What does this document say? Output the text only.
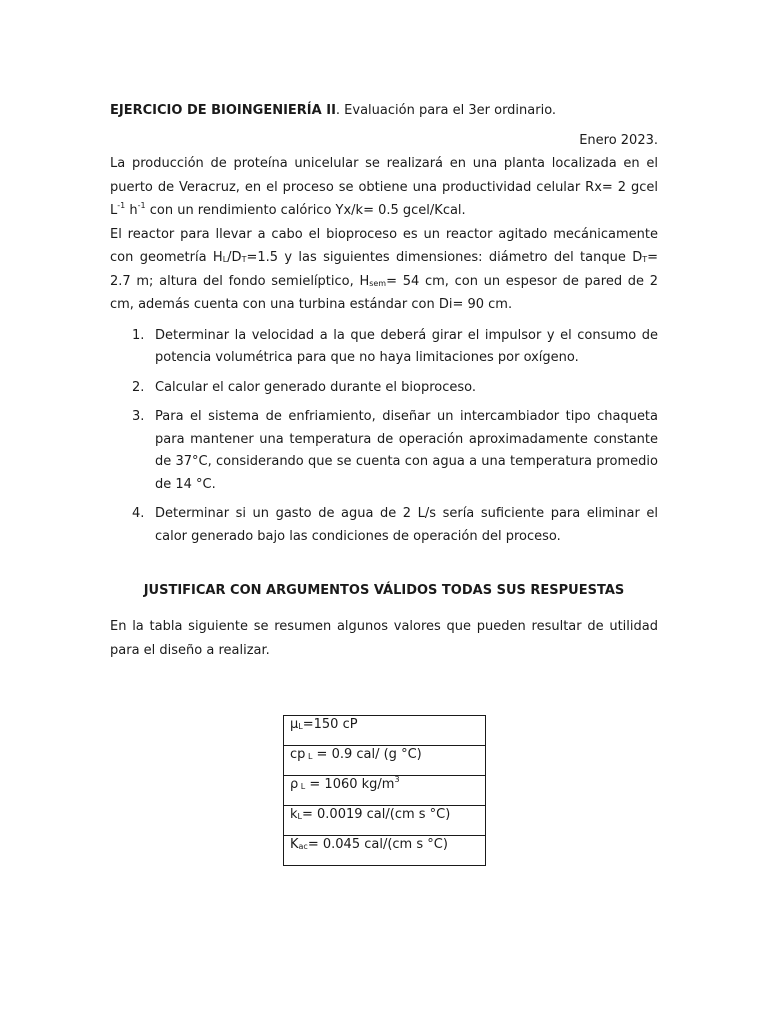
EJERCICIO DE BIOINGENIERÍA II. Evaluación para el 3er ordinario.

Enero 2023.

La producción de proteína unicelular se realizará en una planta localizada en el puerto de Veracruz, en el proceso se obtiene una productividad celular Rx= 2 gcel $L^{-1}$ $h^{-1}$ con un rendimiento calórico Yx/k= 0.5 gcel/Kcal.

El reactor para llevar a cabo el bioproceso es un reactor agitado mecánicamente con geometría $H_L/D_T=1.5$ y las siguientes dimensiones: diámetro del tanque $D_T= 2.7$ m; altura del fondo semielíptico, $H_{sem}= 54$ cm, con un espesor de pared de 2 cm, además cuenta con una turbina estándar con Di= 90 cm.

1. Determinar la velocidad a la que deberá girar el impulsor y el consumo de potencia volumétrica para que no haya limitaciones por oxígeno.
2. Calcular el calor generado durante el bioproceso.
3. Para el sistema de enfriamiento, diseñar un intercambiador tipo chaqueta para mantener una temperatura de operación aproximadamente constante de 37°C, considerando que se cuenta con agua a una temperatura promedio de 14 °C.
4. Determinar si un gasto de agua de 2 L/s sería suficiente para eliminar el calor generado bajo las condiciones de operación del proceso.

JUSTIFICAR CON ARGUMENTOS VÁLIDOS TODAS SUS RESPUESTAS

En la tabla siguiente se resumen algunos valores que pueden resultar de utilidad para el diseño a realizar.

µ$_L$=150 cP
cp $_L$ = 0.9 cal/ (g °C)
ρ $_L$ = 1060 $kg/m^3$
$k_L= 0.0019$ cal/(cm s °C)
$K_{ac}= 0.045$ cal/(cm s °C)
